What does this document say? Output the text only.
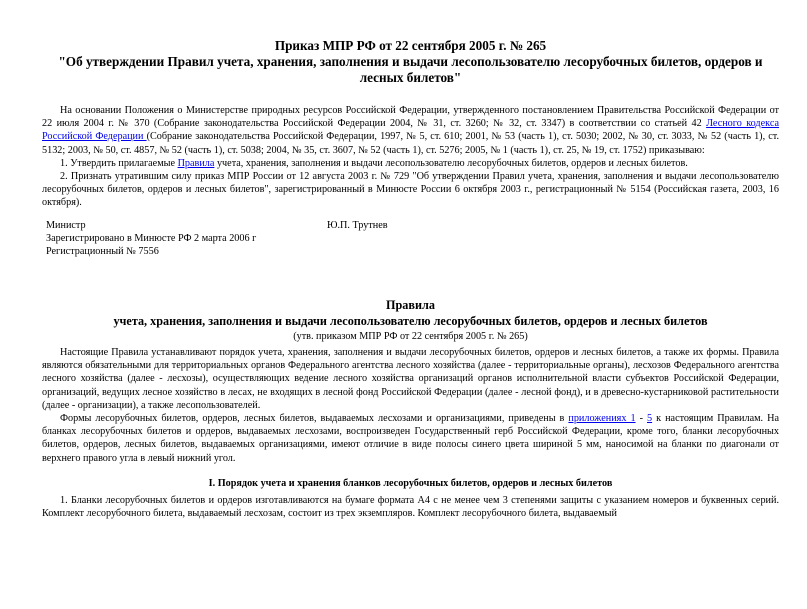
Приказ МПР РФ от 22 сентября 2005 г. № 265
"Об утверждении Правил учета, хранения, заполнения и выдачи лесопользователю лесорубочных билетов, ордеров и лесных билетов"

На основании Положения о Министерстве природных ресурсов Российской Федерации, утвержденного постановлением Правительства Российской Федерации от 22 июля 2004 г. № 370 (Собрание законодательства Российской Федерации 2004, № 31, ст. 3260; № 32, ст. 3347) в соответствии со статьей 42 Лесного кодекса Российской Федерации (Собрание законодательства Российской Федерации, 1997, № 5, ст. 610; 2001, № 53 (часть 1), ст. 5030; 2002, № 30, ст. 3033, № 52 (часть 1), ст. 5132; 2003, № 50, ст. 4857, № 52 (часть 1), ст. 5038; 2004, № 35, ст. 3607, № 52 (часть 1), ст. 5276; 2005, № 1 (часть 1), ст. 25, № 19, ст. 1752) приказываю:

1. Утвердить прилагаемые Правила учета, хранения, заполнения и выдачи лесопользователю лесорубочных билетов, ордеров и лесных билетов.

2. Признать утратившим силу приказ МПР России от 12 августа 2003 г. № 729 "Об утверждении Правил учета, хранения, заполнения и выдачи лесопользователю лесорубочных билетов, ордеров и лесных билетов", зарегистрированный в Минюсте России 6 октября 2003 г., регистрационный № 5154 (Российская газета, 2003, 16 октября).

Министр	Ю.П. Трутнев
Зарегистрировано в Минюсте РФ 2 марта 2006 г
Регистрационный № 7556
Правила
учета, хранения, заполнения и выдачи лесопользователю лесорубочных билетов, ордеров и лесных билетов
(утв. приказом МПР РФ от 22 сентября 2005 г. № 265)

Настоящие Правила устанавливают порядок учета, хранения, заполнения и выдачи лесорубочных билетов, ордеров и лесных билетов, а также их формы. Правила являются обязательными для территориальных органов Федерального агентства лесного хозяйства (далее - территориальные органы), лесхозов Федерального агентства лесного хозяйства (далее - лесхозы), осуществляющих ведение лесного хозяйства организаций органов исполнительной власти субъектов Российской Федерации, организаций, ведущих лесное хозяйство в лесах, не входящих в лесной фонд Российской Федерации (далее - лесной фонд), и в древесно-кустарниковой растительности (далее - организации), а также лесопользователей.

Формы лесорубочных билетов, ордеров, лесных билетов, выдаваемых лесхозами и организациями, приведены в приложениях 1 - 5 к настоящим Правилам. На бланках лесорубочных билетов и ордеров, выдаваемых лесхозами, воспроизведен Государственный герб Российской Федерации, кроме того, бланки лесорубочных билетов, ордеров, лесных билетов, выдаваемых организациями, имеют отличие в виде полосы синего цвета шириной 5 мм, наносимой на бланки по диагонали от верхнего правого угла в левый нижний угол.

I. Порядок учета и хранения бланков лесорубочных билетов, ордеров и лесных билетов

1. Бланки лесорубочных билетов и ордеров изготавливаются на бумаге формата А4 с не менее чем 3 степенями защиты с указанием номеров и буквенных серий. Комплект лесорубочного билета, выдаваемый лесхозам, состоит из трех экземпляров. Комплект лесорубочного билета, выдаваемый
